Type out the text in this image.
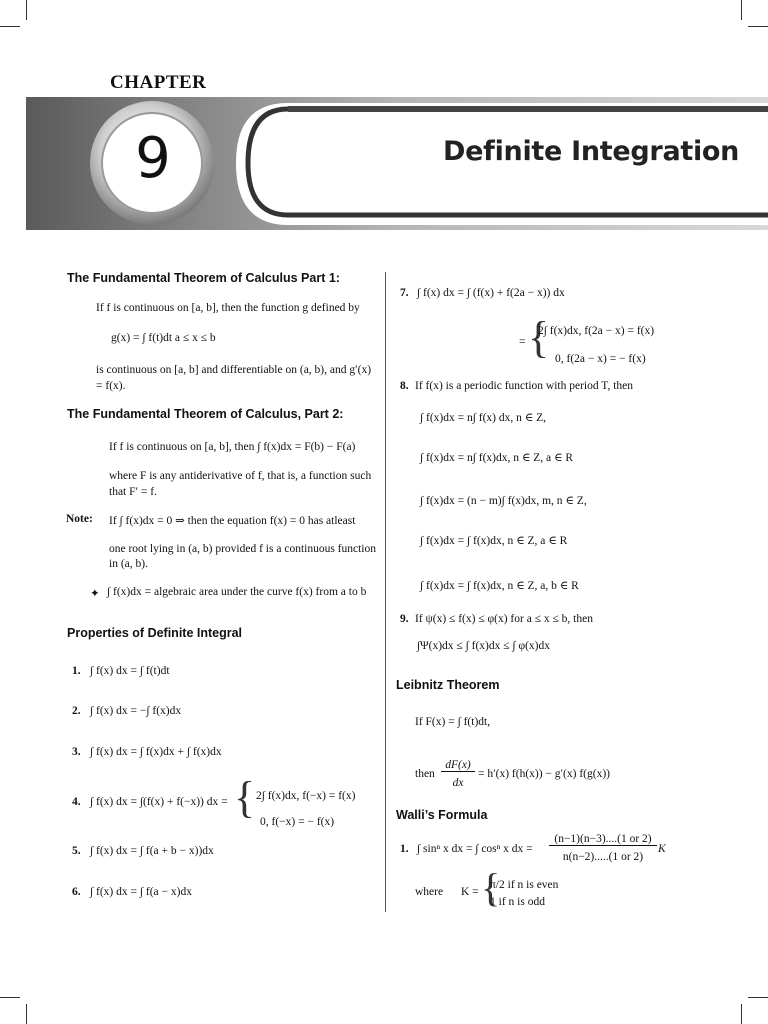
CHAPTER
9	Definite Integration
The Fundamental Theorem of Calculus Part 1:
If f is continuous on [a, b], then the function g defined by
g(x) = ∫ f(t)dt a ≤ x ≤ b
is continuous on [a, b] and differentiable on (a, b), and g′(x)
= f(x).
The Fundamental Theorem of Calculus, Part 2:
If f is continuous on [a, b], then ∫ f(x)dx = F(b) − F(a)
where F is any antiderivative of f, that is, a function such
that F′ = f.
Note: If ∫ f(x)dx = 0 ⇒ then the equation f(x) = 0 has atleast
one root lying in (a, b) provided f is a continuous function
in (a, b).
✦ ∫ f(x)dx = algebraic area under the curve f(x) from a to b
Properties of Definite Integral
1. ∫ f(x) dx = ∫ f(t)dt
2. ∫ f(x) dx = −∫ f(x)dx
3. ∫ f(x) dx = ∫ f(x)dx + ∫ f(x)dx
4. ∫ f(x) dx = ∫(f(x) + f(−x)) dx = { 2∫ f(x)dx, f(−x) = f(x)
0, f(−x) = − f(x)
5. ∫ f(x) dx = ∫ f(a + b − x))dx
6. ∫ f(x) dx = ∫ f(a − x)dx
7. ∫ f(x) dx = ∫ (f(x) + f(2a − x)) dx
= {
2∫ f(x)dx, f(2a − x) = f(x)
0, f(2a − x) = − f(x)
8. If f(x) is a periodic function with period T, then
∫ f(x)dx = n∫ f(x) dx, n ∈ Z,
∫ f(x)dx = n∫ f(x)dx, n ∈ Z, a ∈ R
∫ f(x)dx = (n − m)∫ f(x)dx, m, n ∈ Z,
∫ f(x)dx = ∫ f(x)dx, n ∈ Z, a ∈ R
∫ f(x)dx = ∫ f(x)dx, n ∈ Z, a, b ∈ R
9. If ψ(x) ≤ f(x) ≤ φ(x) for a ≤ x ≤ b, then
∫Ψ(x)dx ≤ ∫ f(x)dx ≤ ∫ φ(x)dx
Leibnitz Theorem
If F(x) = ∫ f(t)dt,
then
dF(x)
dx
= h′(x) f(h(x)) − g′(x) f(g(x))
Walli’s Formula
1. ∫ sinⁿ x dx = ∫ cosⁿ x dx =
(n−1)(n−3)....(1 or 2)
n(n−2).....(1 or 2)
K
where K = {
π/2 if n is even
1 if n is odd
